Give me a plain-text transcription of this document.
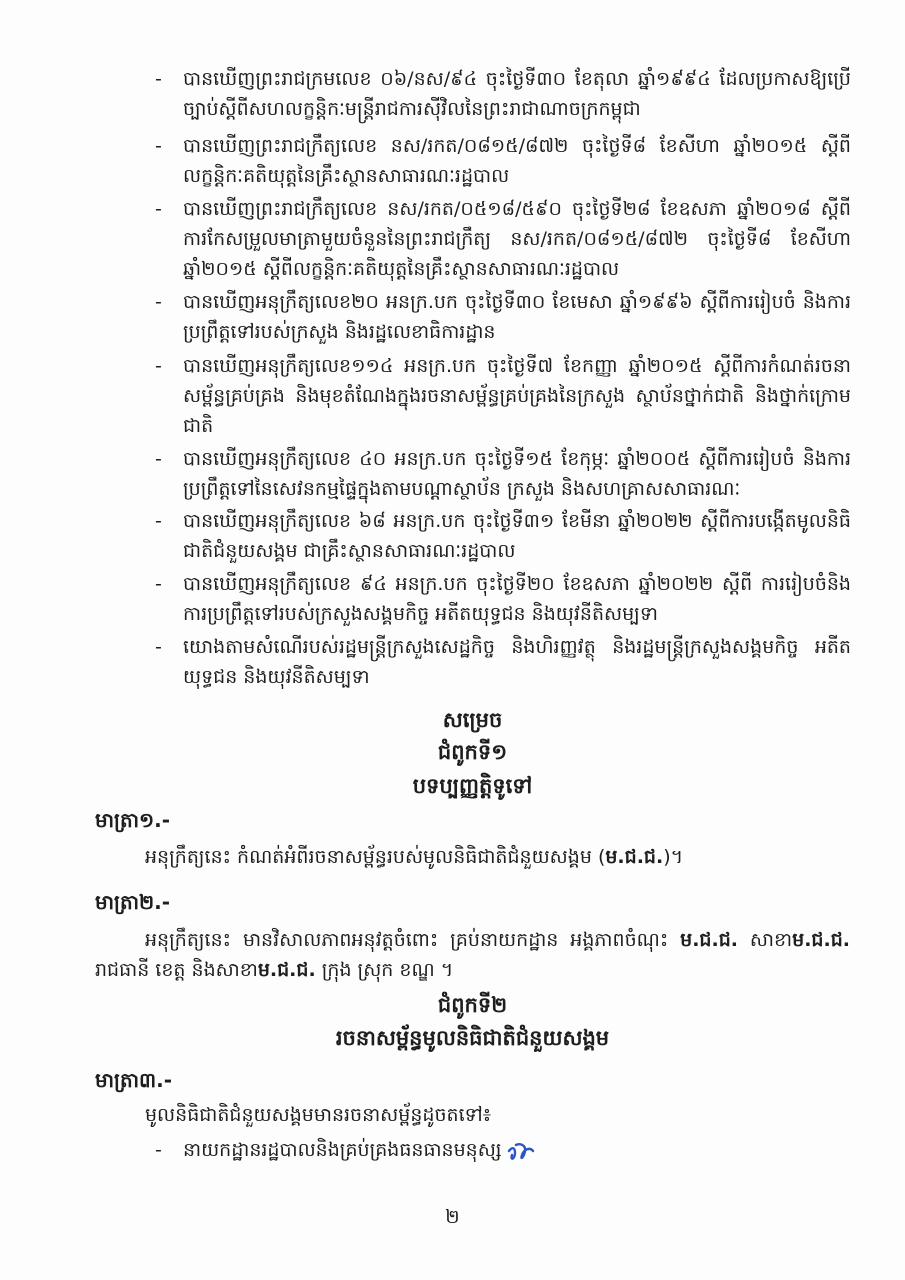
-	បានឃើញព្រះរាជក្រមលេខ ០៦/នស/៩៤ ចុះថ្ងៃទី៣០ ខែតុលា ឆ្នាំ១៩៩៤ ដែលប្រកាសឱ្យប្រើច្បាប់ស្តីពីសហលក្ខន្តិកៈមន្ត្រីរាជការស៊ីវិលនៃព្រះរាជាណាចក្រកម្ពុជា
-	បានឃើញព្រះរាជក្រឹត្យលេខ នស/រកត/០៨១៥/៨៧២ ចុះថ្ងៃទី៨ ខែសីហា ឆ្នាំ២០១៥ ស្តីពីលក្ខន្តិកៈគតិយុត្តនៃគ្រឹះស្ថានសាធារណៈរដ្ឋបាល
-	បានឃើញព្រះរាជក្រឹត្យលេខ នស/រកត/០៥១៨/៥៩០ ចុះថ្ងៃទី២៨ ខែឧសភា ឆ្នាំ២០១៨ ស្តីពីការកែសម្រួលមាត្រាមួយចំនួននៃព្រះរាជក្រឹត្យ នស/រកត/០៨១៥/៨៧២ ចុះថ្ងៃទី៨ ខែសីហា ឆ្នាំ២០១៥ ស្តីពីលក្ខន្តិកៈគតិយុត្តនៃគ្រឹះស្ថានសាធារណៈរដ្ឋបាល
-	បានឃើញអនុក្រឹត្យលេខ២០ អនក្រ.បក ចុះថ្ងៃទី៣០ ខែមេសា ឆ្នាំ១៩៩៦ ស្តីពីការរៀបចំ និងការប្រព្រឹត្តទៅរបស់ក្រសួង និងរដ្ឋលេខាធិការដ្ឋាន
-	បានឃើញអនុក្រឹត្យលេខ១១៤ អនក្រ.បក ចុះថ្ងៃទី៧ ខែកញ្ញា ឆ្នាំ២០១៥ ស្តីពីការកំណត់រចនាសម្ព័ន្ធគ្រប់គ្រង និងមុខតំណែងក្នុងរចនាសម្ព័ន្ធគ្រប់គ្រងនៃក្រសួង ស្ថាប័នថ្នាក់ជាតិ និងថ្នាក់ក្រោមជាតិ
-	បានឃើញអនុក្រឹត្យលេខ ៤០ អនក្រ.បក ចុះថ្ងៃទី១៥ ខែកុម្ភៈ ឆ្នាំ២០០៥ ស្តីពីការរៀបចំ និងការប្រព្រឹត្តទៅនៃសេវនកម្មផ្ទៃក្នុងតាមបណ្តាស្ថាប័ន ក្រសួង និងសហគ្រាសសាធារណៈ
-	បានឃើញអនុក្រឹត្យលេខ ៦៨ អនក្រ.បក ចុះថ្ងៃទី៣១ ខែមីនា ឆ្នាំ២០២២ ស្តីពីការបង្កើតមូលនិធិជាតិជំនួយសង្គម ជាគ្រឹះស្ថានសាធារណៈរដ្ឋបាល
-	បានឃើញអនុក្រឹត្យលេខ ៩៤ អនក្រ.បក ចុះថ្ងៃទី២០ ខែឧសភា ឆ្នាំ២០២២ ស្តីពី ការរៀបចំនិងការប្រព្រឹត្តទៅរបស់ក្រសួងសង្គមកិច្ច អតីតយុទ្ធជន និងយុវនីតិសម្បទា
-	យោងតាមសំណើរបស់រដ្ឋមន្ត្រីក្រសួងសេដ្ឋកិច្ច និងហិរញ្ញវត្ថុ និងរដ្ឋមន្ត្រីក្រសួងសង្គមកិច្ច អតីតយុទ្ធជន និងយុវនីតិសម្បទា
សម្រេច
ជំពូកទី១
បទប្បញ្ញត្តិទូទៅ
មាត្រា១.-
អនុក្រឹត្យនេះ កំណត់អំពីរចនាសម្ព័ន្ធរបស់មូលនិធិជាតិជំនួយសង្គម (ម.ជ.ជ.)។
មាត្រា២.-
អនុក្រឹត្យនេះ មានវិសាលភាពអនុវត្តចំពោះ គ្រប់នាយកដ្ឋាន អង្គភាពចំណុះ ម.ជ.ជ. សាខាម.ជ.ជ. រាជធានី ខេត្ត និងសាខាម.ជ.ជ. ក្រុង ស្រុក ខណ្ឌ ។
ជំពូកទី២
រចនាសម្ព័ន្ធមូលនិធិជាតិជំនួយសង្គម
មាត្រា៣.-
មូលនិធិជាតិជំនួយសង្គមមានរចនាសម្ព័ន្ធដូចតទៅ៖
-	នាយកដ្ឋានរដ្ឋបាលនិងគ្រប់គ្រងធនធានមនុស្ស
២
